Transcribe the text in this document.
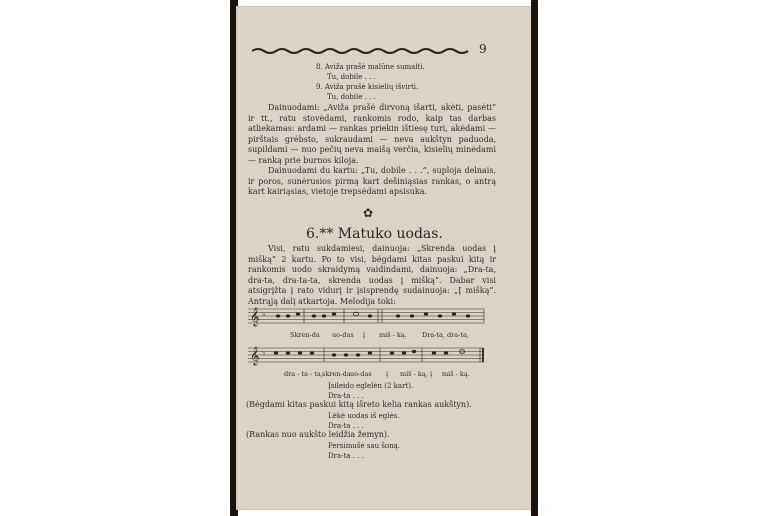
9
8. Aviža prašė malūne sumalti.
Tu, dobile . . .
9. Aviža prašė kisielių išvirti.
Tu, dobile . . .
Dainuodami: „Aviža prašė dirvoną išarti, akėti, pasėti“ ir tt., ratu stovėdami, rankomis rodo, kaip tas darbas atliekamas: ardami — rankas priekin ištiesę turi, akėdami — pirštais grėbsto, sukraudami — neva aukštyn paduoda, supildami — nuo pečių neva maišą verčia, kisielių minėdami — ranką prie burnos kiloja.
Dainuodami du kartu: „Tu, dobile . . .“, suploja delnais, ir poros, sunėrusios pirmą kart dešiniąsias rankas, o antrą kart kairiąsias, vietoje trepsėdami apsisuka.
✿
6.** Matuko uodas.
Visi, ratu sukdamiesi, dainuoja: „Skrenda uodas į mišką“ 2 kartu. Po to visi, bėgdami kitas paskui kitą ir rankomis uodo skraidymą vaidindami, dainuoja: „Dra-ta, dra-ta, dra-ta-ta, skrenda uodas į mišką“. Dabar visi atsigrįžta į rato vidurį ir įsisprendę sudainuoja: „Į mišką“. Antrąją dalį atkartoja. Melodija toki:
𝄞 ♭
Skren-da uo-das į miš - ką. Dra-ta, dra-ta,
𝄞 ♭
dra - ta - ta, skren-da uo-das į miš - ką, į miš - ką.
Įsileido eglelėn (2 kart).
Dra-ta . . .
(Bėgdami kitas paskui kitą išreto kelia rankas aukštyn).
Lėkė uodas iš eglės.
Dra-ta . . .
(Rankas nuo aukšto leidžia žemyn).
Persimušė sau šoną.
Dra-ta . . .
